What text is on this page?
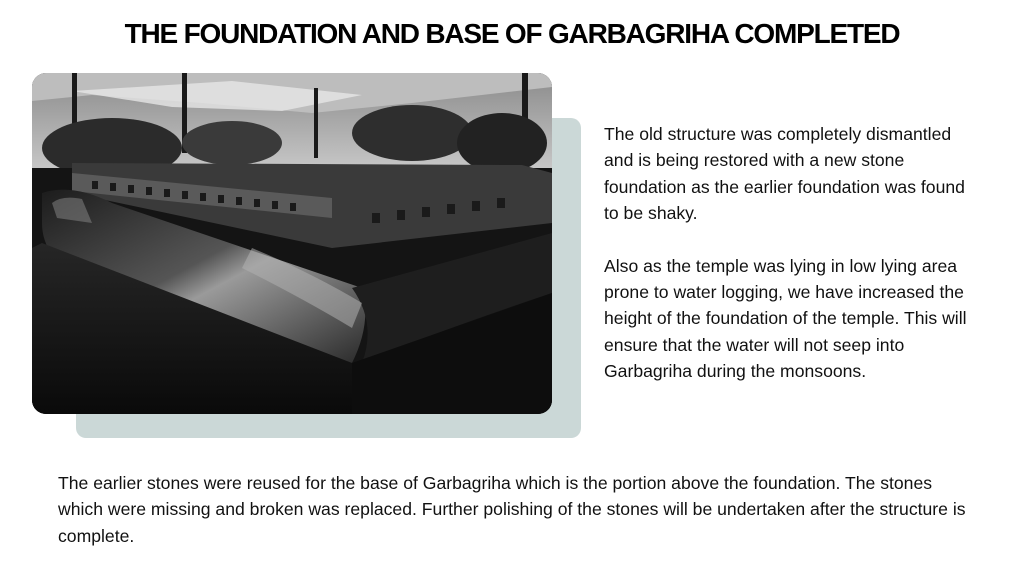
THE FOUNDATION AND BASE OF GARBAGRIHA COMPLETED

The old structure was completely dismantled and is being restored with a new stone foundation as the earlier foundation was found to be shaky.

Also as the temple was lying in low lying area prone to water logging, we have increased the height of the foundation of the temple. This will ensure that the water will not seep into Garbagriha during the monsoons.

The earlier stones were reused for the base of Garbagriha which is the portion above the foundation. The stones which were missing and broken was replaced. Further polishing of the stones will be undertaken after the structure is complete.
